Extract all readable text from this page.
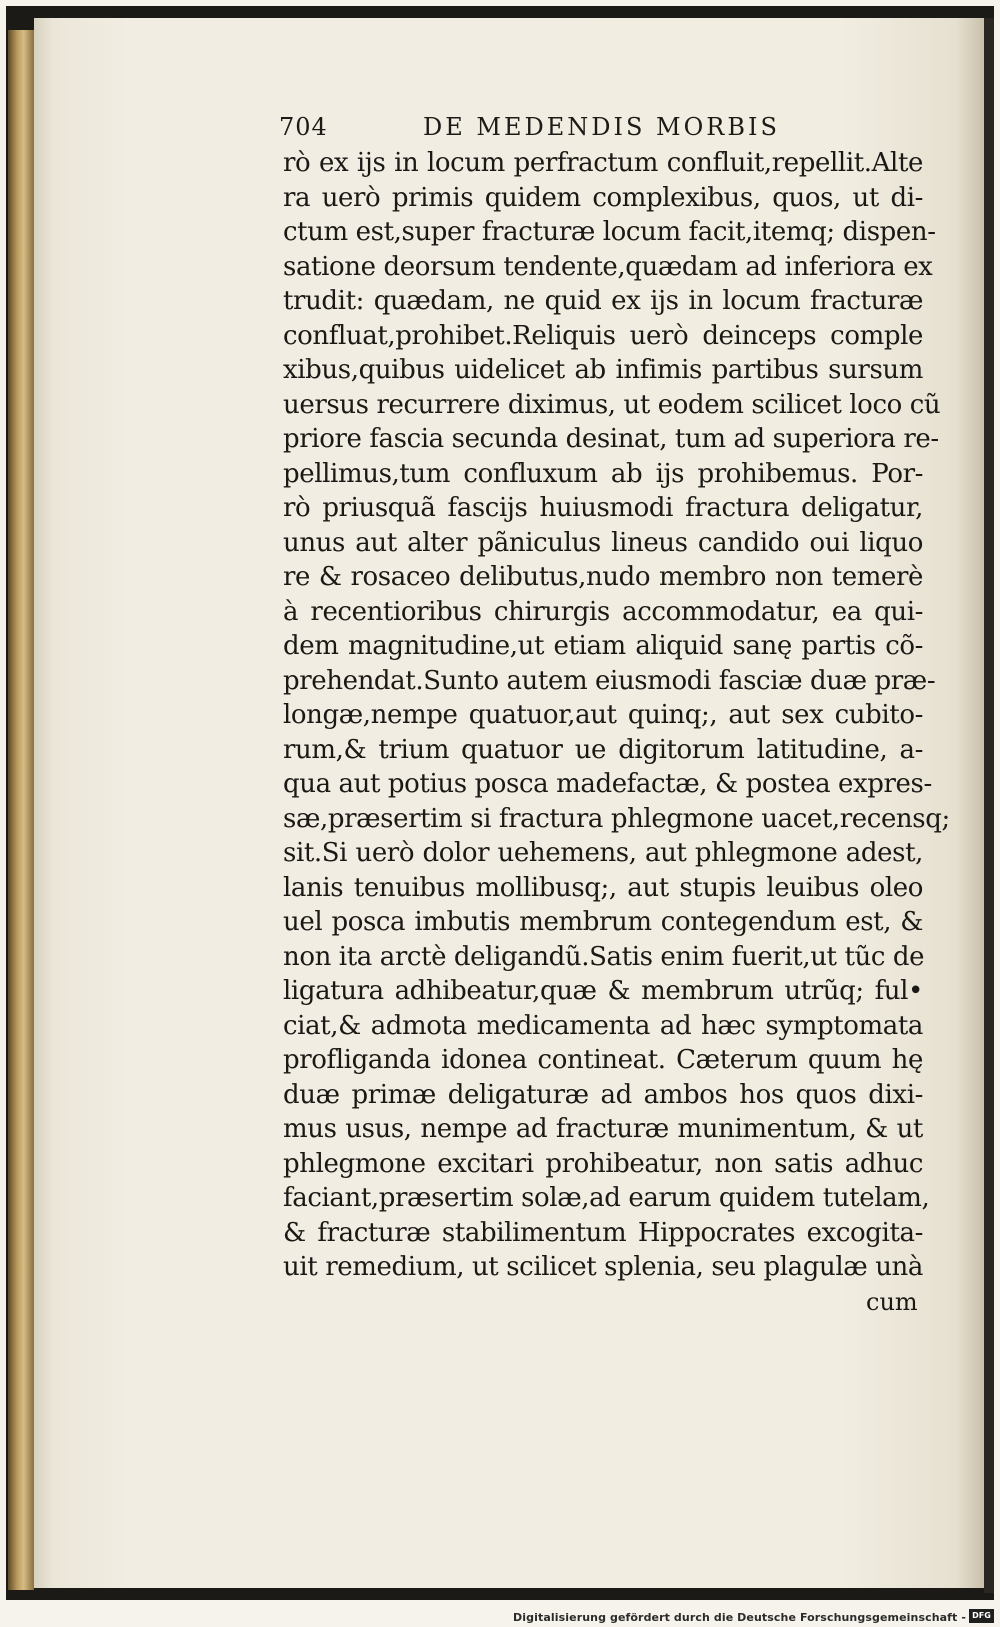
704	DE MEDENDIS MORBIS
rò ex ijs in locum perfractum confluit,repellit.Alte
ra uerò primis quidem complexibus, quos, ut di-
ctum est,super fracturæ locum facit,itemq; dispen-
satione deorsum tendente,quædam ad inferiora ex
trudit: quædam, ne quid ex ijs in locum fracturæ
confluat,prohibet.Reliquis uerò deinceps comple
xibus,quibus uidelicet ab infimis partibus sursum
uersus recurrere diximus, ut eodem scilicet loco cũ
priore fascia secunda desinat, tum ad superiora re-
pellimus,tum confluxum ab ijs prohibemus. Por-
rò priusquã fascijs huiusmodi fractura deligatur,
unus aut alter pãniculus lineus candido oui liquo
re & rosaceo delibutus,nudo membro non temerè
à recentioribus chirurgis accommodatur, ea qui-
dem magnitudine,ut etiam aliquid sanę partis cõ-
prehendat.Sunto autem eiusmodi fasciæ duæ præ-
longæ,nempe quatuor,aut quinq;, aut sex cubito-
rum,& trium quatuor ue digitorum latitudine, a-
qua aut potius posca madefactæ, & postea expres-
sæ,præsertim si fractura phlegmone uacet,recensq;
sit.Si uerò dolor uehemens, aut phlegmone adest,
lanis tenuibus mollibusq;, aut stupis leuibus oleo
uel posca imbutis membrum contegendum est, &
non ita arctè deligandũ.Satis enim fuerit,ut tũc de
ligatura adhibeatur,quæ & membrum utrũq; ful•
ciat,& admota medicamenta ad hæc symptomata
profliganda idonea contineat. Cæterum quum hę
duæ primæ deligaturæ ad ambos hos quos dixi-
mus usus, nempe ad fracturæ munimentum, & ut
phlegmone excitari prohibeatur, non satis adhuc
faciant,præsertim solæ,ad earum quidem tutelam,
& fracturæ stabilimentum Hippocrates excogita-
uit remedium, ut scilicet splenia, seu plagulæ unà
cum
Digitalisierung gefördert durch die Deutsche Forschungsgemeinschaft - DFG
